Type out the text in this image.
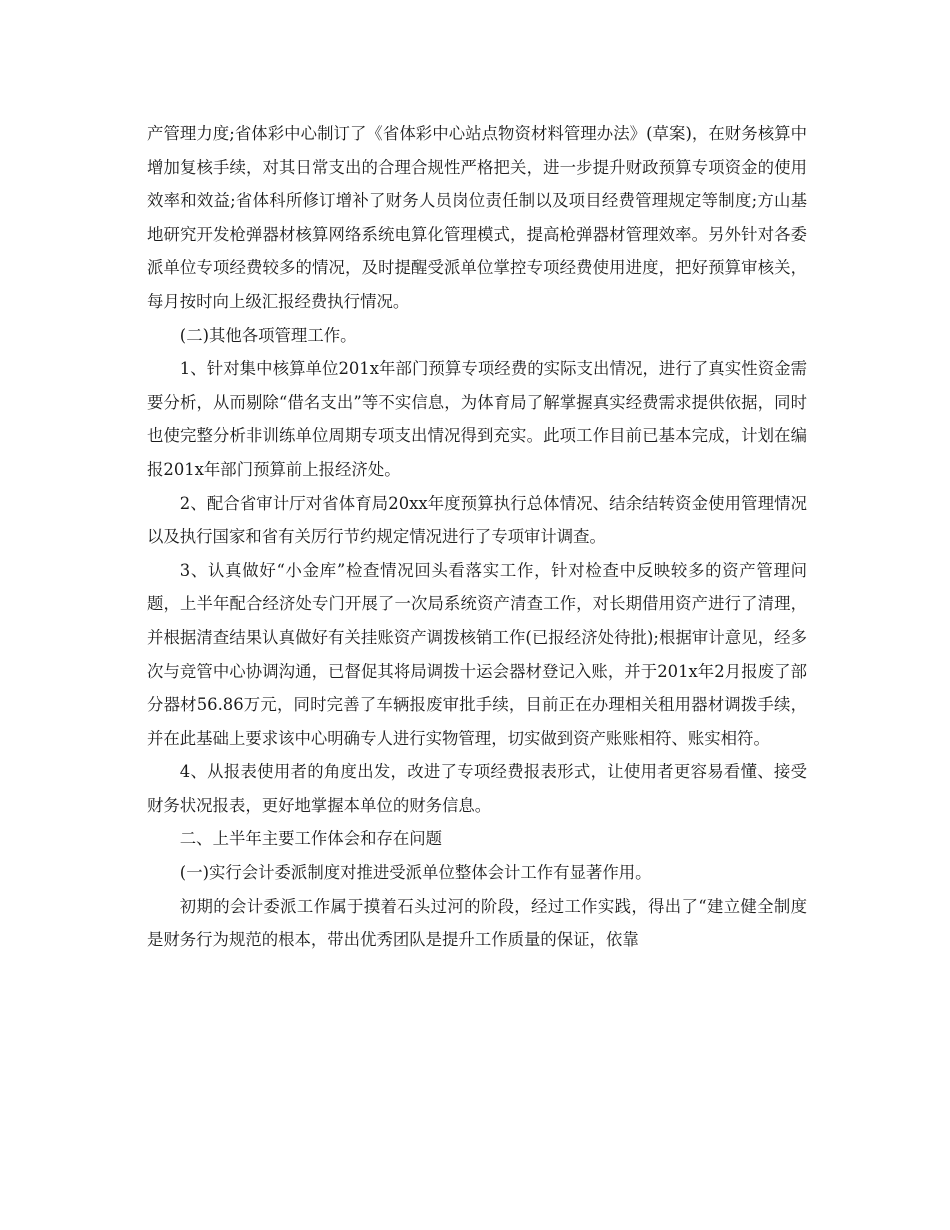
产管理力度;省体彩中心制订了《省体彩中心站点物资材料管理办法》(草案)，在财务核算中增加复核手续，对其日常支出的合理合规性严格把关，进一步提升财政预算专项资金的使用效率和效益;省体科所修订增补了财务人员岗位责任制以及项目经费管理规定等制度;方山基地研究开发枪弹器材核算网络系统电算化管理模式，提高枪弹器材管理效率。另外针对各委派单位专项经费较多的情况，及时提醒受派单位掌控专项经费使用进度，把好预算审核关，每月按时向上级汇报经费执行情况。

(二)其他各项管理工作。

1、针对集中核算单位201x年部门预算专项经费的实际支出情况，进行了真实性资金需要分析，从而剔除“借名支出”等不实信息，为体育局了解掌握真实经费需求提供依据，同时也使完整分析非训练单位周期专项支出情况得到充实。此项工作目前已基本完成，计划在编报201x年部门预算前上报经济处。

2、配合省审计厅对省体育局20xx年度预算执行总体情况、结余结转资金使用管理情况以及执行国家和省有关厉行节约规定情况进行了专项审计调查。

3、认真做好“小金库”检查情况回头看落实工作，针对检查中反映较多的资产管理问题，上半年配合经济处专门开展了一次局系统资产清查工作，对长期借用资产进行了清理，并根据清查结果认真做好有关挂账资产调拨核销工作(已报经济处待批);根据审计意见，经多次与竞管中心协调沟通，已督促其将局调拨十运会器材登记入账，并于201x年2月报废了部分器材56.86万元，同时完善了车辆报废审批手续，目前正在办理相关租用器材调拨手续，并在此基础上要求该中心明确专人进行实物管理，切实做到资产账账相符、账实相符。

4、从报表使用者的角度出发，改进了专项经费报表形式，让使用者更容易看懂、接受财务状况报表，更好地掌握本单位的财务信息。

二、上半年主要工作体会和存在问题

(一)实行会计委派制度对推进受派单位整体会计工作有显著作用。

初期的会计委派工作属于摸着石头过河的阶段，经过工作实践，得出了“建立健全制度是财务行为规范的根本，带出优秀团队是提升工作质量的保证，依靠
